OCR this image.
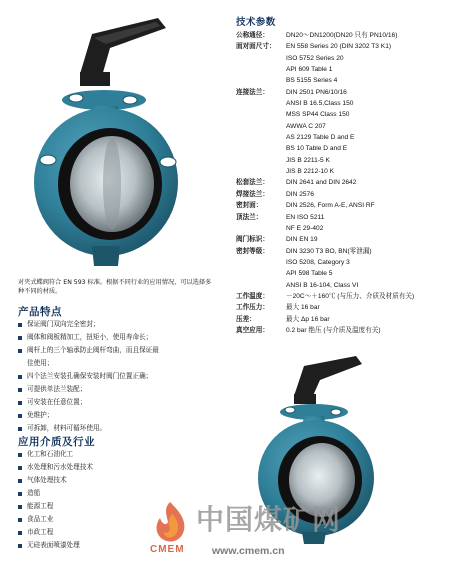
对夹式蝶阀符合 EN 593 标准。根据不同行业的应用情况，可以选择多种不同的材质。
产品特点
保证阀门双向完全密封；
阀体和阀板精加工，扭矩小，使用寿命长；
阀杆上的三个轴承防止阀杆弯曲，而且保证最
佳使用；
四个法兰安装孔确保安装时阀门位置正确；
可提供单法兰装配；
可安装在任意位置；
免维护；
可拆卸，材料可循环使用。
应用介质及行业
化工和石油化工
水处理和污水处理技术
气体处理技术
造船
能源工程
食品工业
市政工程
无硅表面喷漆处理
技术参数
公称通径：	DN20～DN1200(DN20 只有 PN10/16)
面对面尺寸：	EN 558 Series 20 (DIN 3202 T3 K1)
ISO 5752 Series 20
API 609 Table 1
BS 5155 Series 4
连接法兰：	DIN 2501 PN6/10/16
ANSI B 16.5,Class 150
MSS SP44 Class 150
AWWA C 207
AS 2129 Table D and E
BS 10 Table D and E
JIS B 2211-5 K
JIS B 2212-10 K
松套法兰：	DIN 2641 and DIN 2642
焊接法兰：	DIN 2576
密封面：	DIN 2526, Form A-E, ANSI RF
顶法兰：	EN ISO 5211
NF E 29-402
阀门标识：	DIN EN 19
密封等级：	DIN 3230 T3 BO, BN(零泄漏)
ISO 5208, Category 3
API 598 Table 5
ANSI B 16-104, Class VI
工作温度：	－20C～＋160℃ (与压力、介质及材质有关)
工作压力：	最大 16 bar
压差：	最大 Δp 16 bar
真空应用：	0.2 bar 绝压 (与介质及温度有关)
中国煤矿网
CMEM	www.cmem.cn
